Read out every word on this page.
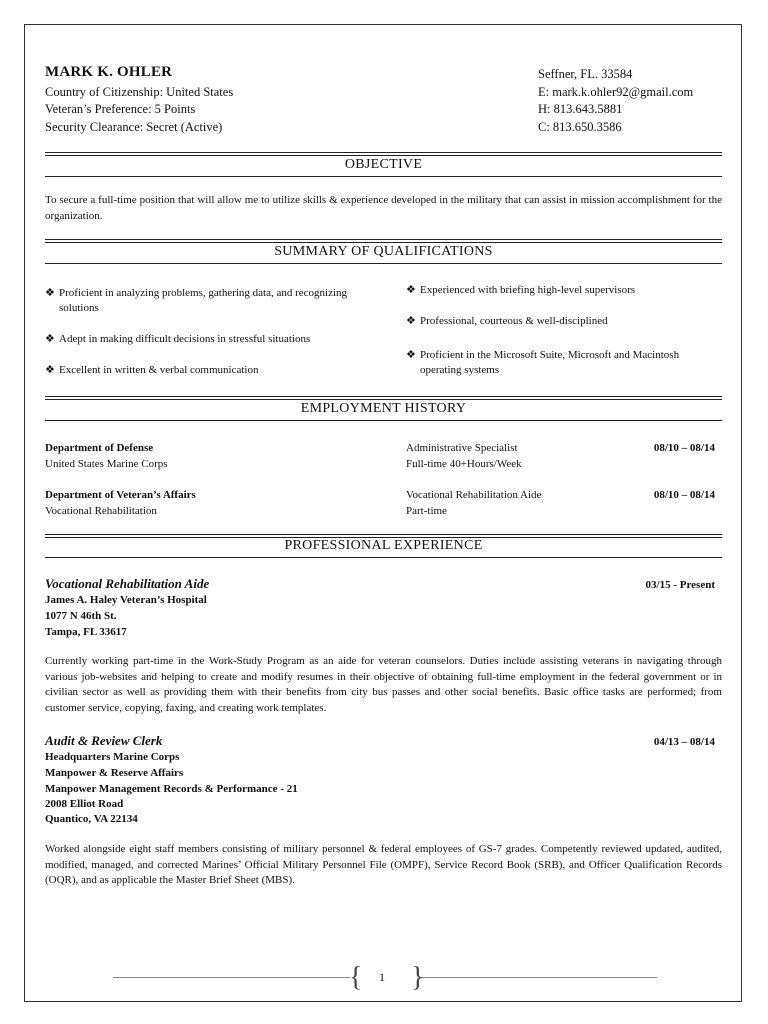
MARK K. OHLER
Country of Citizenship: United States
Veteran’s Preference: 5 Points
Security Clearance: Secret (Active)
Seffner, FL. 33584
E: mark.k.ohler92@gmail.com
H: 813.643.5881
C: 813.650.3586
OBJECTIVE
To secure a full-time position that will allow me to utilize skills & experience developed in the military that can assist in mission accomplishment for the organization.
SUMMARY OF QUALIFICATIONS
❖ Proficient in analyzing problems, gathering data, and recognizing solutions
❖ Adept in making difficult decisions in stressful situations
❖ Excellent in written & verbal communication
❖ Experienced with briefing high-level supervisors
❖ Professional, courteous & well-disciplined
❖ Proficient in the Microsoft Suite, Microsoft and Macintosh operating systems
EMPLOYMENT HISTORY
Department of Defense
United States Marine Corps
Administrative Specialist
Full-time 40+Hours/Week
08/10 – 08/14
Department of Veteran’s Affairs
Vocational Rehabilitation
Vocational Rehabilitation Aide
Part-time
08/10 – 08/14
PROFESSIONAL EXPERIENCE
Vocational Rehabilitation Aide	03/15 - Present
James A. Haley Veteran’s Hospital
1077 N 46th St.
Tampa, FL 33617
Currently working part-time in the Work-Study Program as an aide for veteran counselors. Duties include assisting veterans in navigating through various job-websites and helping to create and modify resumes in their objective of obtaining full-time employment in the federal government or in civilian sector as well as providing them with their benefits from city bus passes and other social benefits. Basic office tasks are performed; from customer service, copying, faxing, and creating work templates.
Audit & Review Clerk	04/13 – 08/14
Headquarters Marine Corps
Manpower & Reserve Affairs
Manpower Management Records & Performance - 21
2008 Elliot Road
Quantico, VA 22134
Worked alongside eight staff members consisting of military personnel & federal employees of GS-7 grades. Competently reviewed updated, audited, modified, managed, and corrected Marines’ Official Military Personnel File (OMPF), Service Record Book (SRB), and Officer Qualification Records (OQR), and as applicable the Master Brief Sheet (MBS).
{ }
1
